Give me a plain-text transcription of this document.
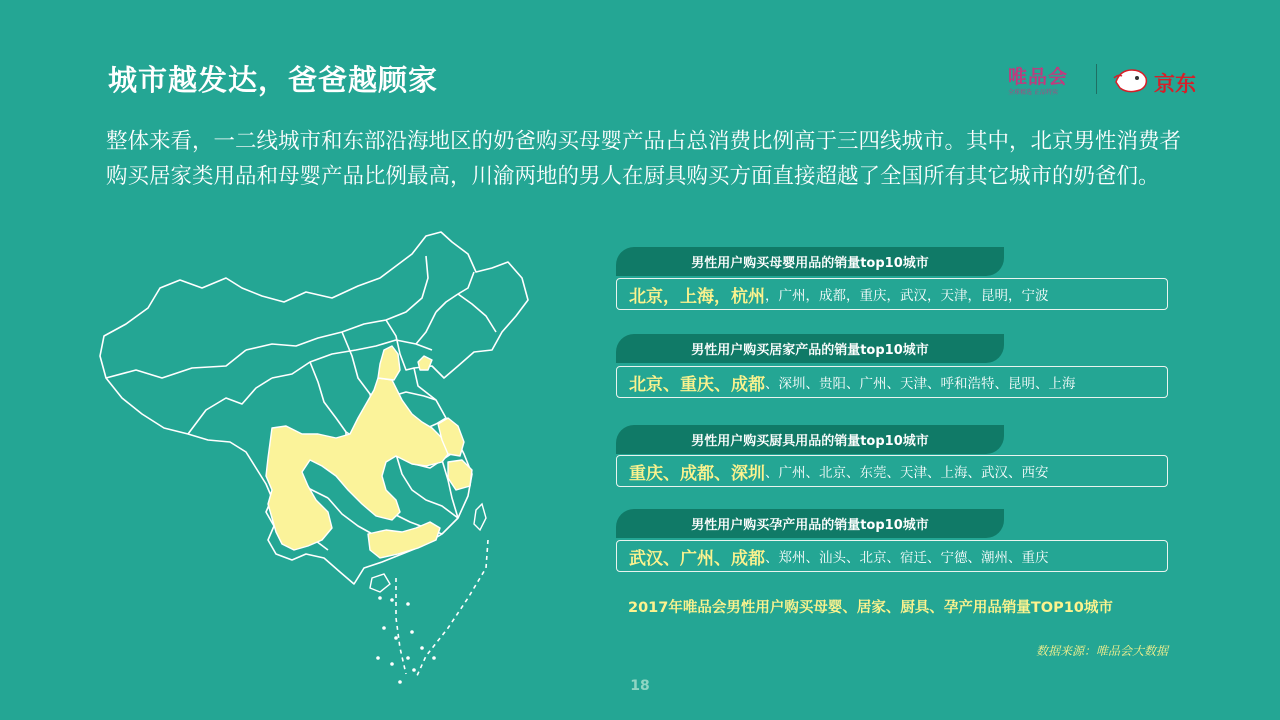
城市越发达，爸爸越顾家	唯品会
全球精选 正品特卖	京东
整体来看，一二线城市和东部沿海地区的奶爸购买母婴产品占总消费比例高于三四线城市。其中，北京男性消费者购买居家类用品和母婴产品比例最高，川渝两地的男人在厨具购买方面直接超越了全国所有其它城市的奶爸们。
男性用户购买母婴用品的销量top10城市
北京，上海，杭州 ，广州，成都，重庆，武汉，天津，昆明，宁波
男性用户购买居家产品的销量top10城市
北京、重庆、成都 、深圳、贵阳、广州、天津、呼和浩特、昆明、上海
男性用户购买厨具用品的销量top10城市
重庆、成都、深圳 、广州、北京、东莞、天津、上海、武汉、西安
男性用户购买孕产用品的销量top10城市
武汉、广州、成都 、郑州、汕头、北京、宿迁、宁德、潮州、重庆
2017年唯品会男性用户购买母婴、居家、厨具、孕产用品销量TOP10城市
数据来源：唯品会大数据
18
